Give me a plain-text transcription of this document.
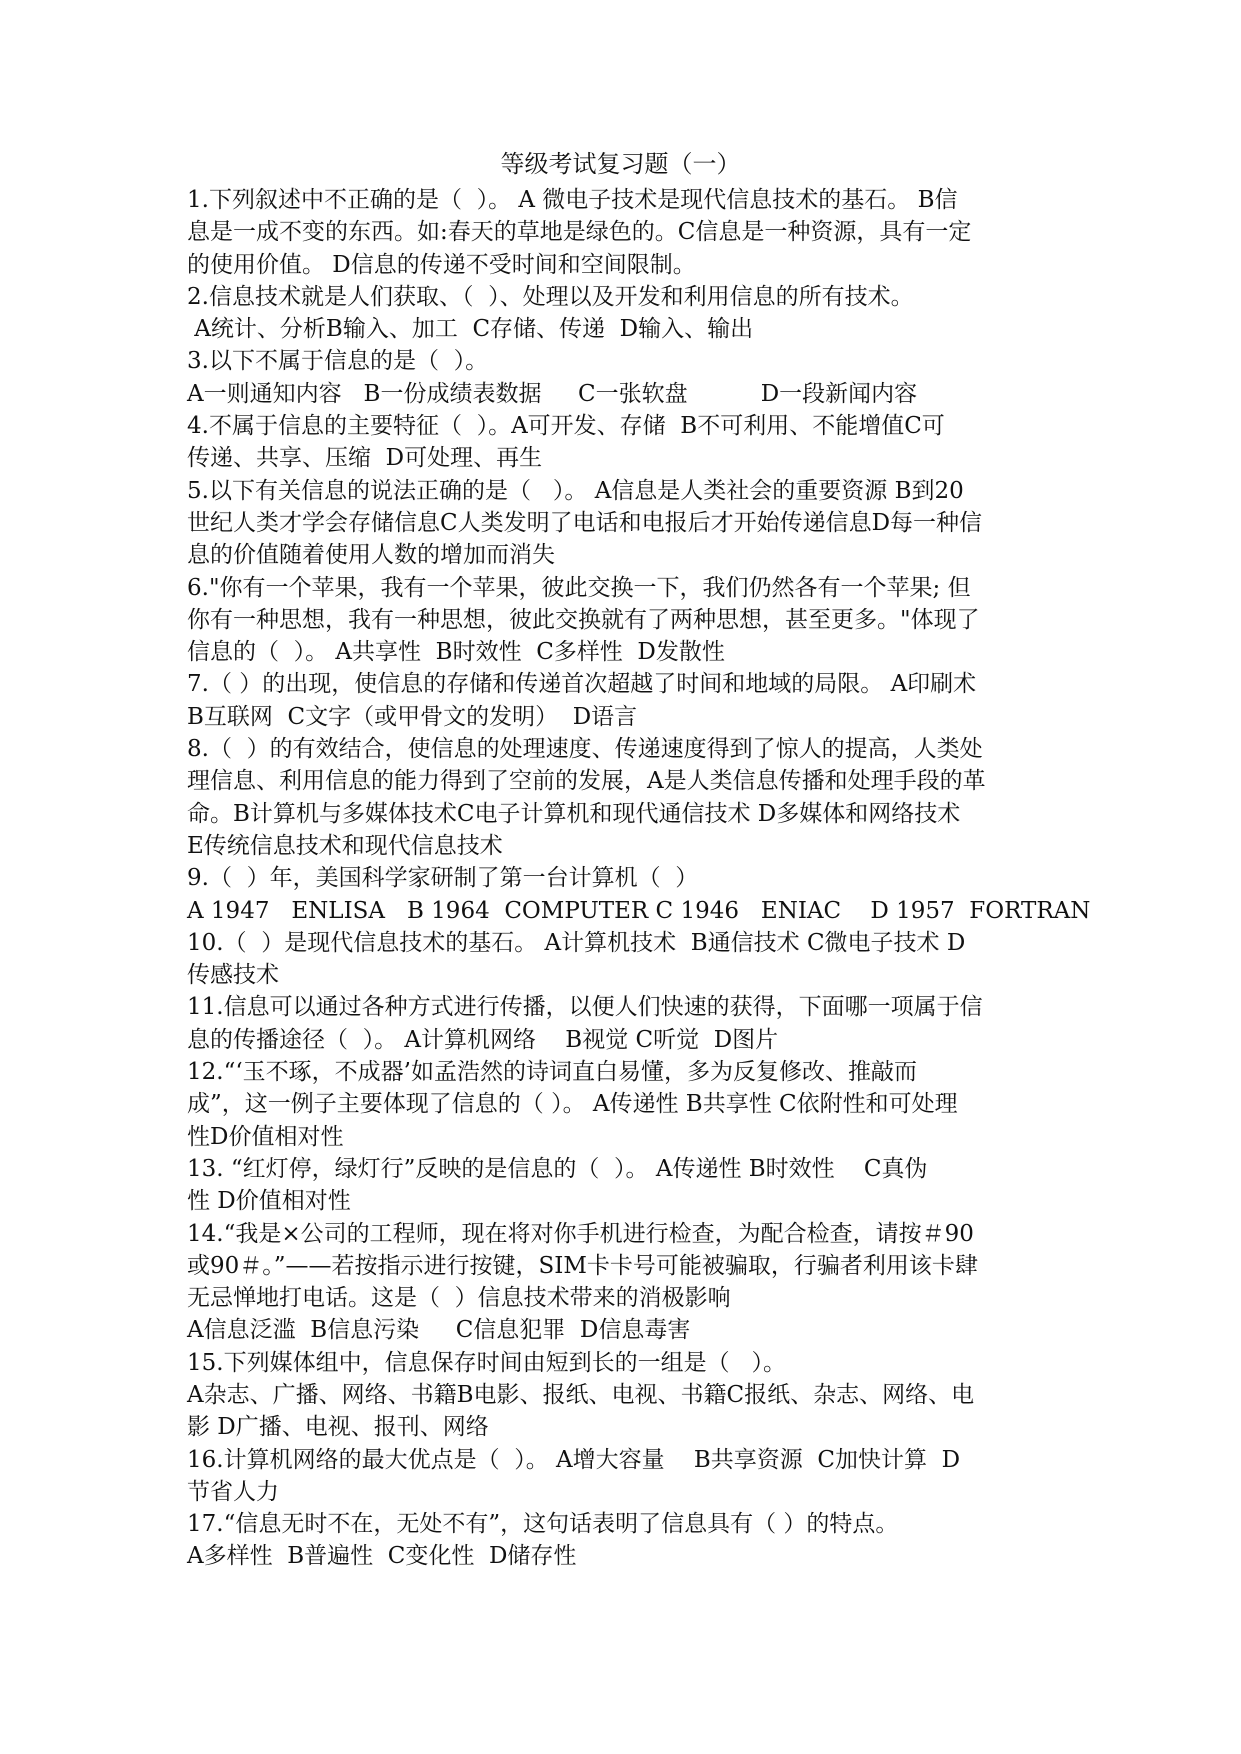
等级考试复习题（一）
1.下列叙述中不正确的是（  ）。 A 微电子技术是现代信息技术的基石。 B信
息是一成不变的东西。如:春天的草地是绿色的。C信息是一种资源，具有一定
的使用价值。 D信息的传递不受时间和空间限制。
2.信息技术就是人们获取、（  ）、处理以及开发和利用信息的所有技术。
A统计、分析B输入、加工  C存储、传递  D输入、输出
3.以下不属于信息的是（  ）。
A一则通知内容   B一份成绩表数据     C一张软盘          D一段新闻内容
4.不属于信息的主要特征（  ）。A可开发、存储  B不可利用、不能增值C可
传递、共享、压缩  D可处理、再生
5.以下有关信息的说法正确的是（   ）。 A信息是人类社会的重要资源 B到20
世纪人类才学会存储信息C人类发明了电话和电报后才开始传递信息D每一种信
息的价值随着使用人数的增加而消失
6."你有一个苹果，我有一个苹果，彼此交换一下，我们仍然各有一个苹果; 但
你有一种思想，我有一种思想，彼此交换就有了两种思想，甚至更多。"体现了
信息的（  ）。 A共享性  B时效性  C多样性  D发散性
7.（ ）的出现，使信息的存储和传递首次超越了时间和地域的局限。 A印刷术
B互联网  C文字（或甲骨文的发明）  D语言
8.（  ）的有效结合，使信息的处理速度、传递速度得到了惊人的提高，人类处
理信息、利用信息的能力得到了空前的发展，A是人类信息传播和处理手段的革
命。B计算机与多媒体技术C电子计算机和现代通信技术 D多媒体和网络技术
E传统信息技术和现代信息技术
9.（  ）年，美国科学家研制了第一台计算机（  ）
A 1947   ENLISA   B 1964  COMPUTER C 1946   ENIAC    D 1957  FORTRAN
10.（  ）是现代信息技术的基石。 A计算机技术  B通信技术 C微电子技术 D
传感技术
11.信息可以通过各种方式进行传播，以便人们快速的获得，下面哪一项属于信
息的传播途径（  ）。 A计算机网络    B视觉 C听觉  D图片
12.“‘玉不琢，不成器’如孟浩然的诗词直白易懂，多为反复修改、推敲而
成”，这一例子主要体现了信息的（ ）。 A传递性 B共享性 C依附性和可处理
性D价值相对性
13. “红灯停，绿灯行”反映的是信息的（  ）。 A传递性 B时效性    C真伪
性 D价值相对性
14.“我是×公司的工程师，现在将对你手机进行检查，为配合检查，请按＃90
或90＃。”——若按指示进行按键，SIM卡卡号可能被骗取，行骗者利用该卡肆
无忌惮地打电话。这是（  ）信息技术带来的消极影响
A信息泛滥  B信息污染     C信息犯罪  D信息毒害
15.下列媒体组中，信息保存时间由短到长的一组是（   ）。
A杂志、广播、网络、书籍B电影、报纸、电视、书籍C报纸、杂志、网络、电
影 D广播、电视、报刊、网络
16.计算机网络的最大优点是（  ）。 A增大容量    B共享资源  C加快计算  D
节省人力
17.“信息无时不在，无处不有”，这句话表明了信息具有（ ）的特点。
A多样性  B普遍性  C变化性  D储存性
